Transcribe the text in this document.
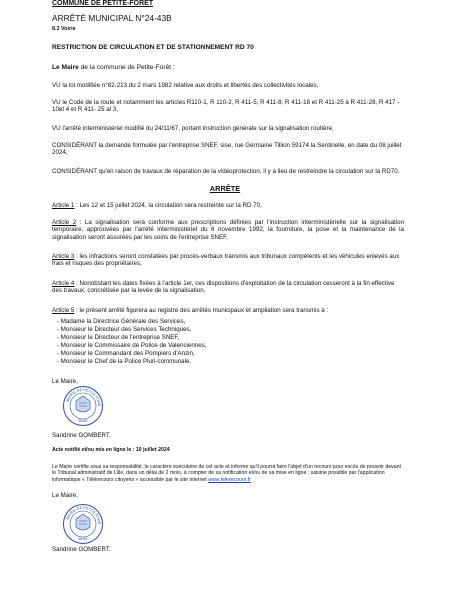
COMMUNE DE PETITE-FORET
ARRÊTÉ MUNICIPAL N°24-43B
8.3 Voirie
RESTRICTION DE CIRCULATION ET DE STATIONNEMENT RD 70
Le Maire de la commune de Petite-Forêt ;
VU la loi modifiée n°82-213 du 2 mars 1982 relative aux droits et libertés des collectivités locales,
VU le Code de la route et notamment les articles R110-1, R 110-2, R 411-5, R 411-8, R 411-18 et R 411-25 à R 411-28, R 417 - 10et 4 et R 411- 25 al 3,
VU l'arrêté interministériel modifié du 24/11/67, portant instruction générale sur la signalisation routière,
CONSIDÉRANT la demande formulée par l'entreprise SNEF, sise, rue Germaine Tillion 59174 la Sentinelle, en date du 08 juillet 2024,
CONSIDÉRANT qu'en raison de travaux de réparation de la vidéoprotection, il y a lieu de restreindre la circulation sur la RD70,
ARRÊTE
Article 1 : Les 12 et 15 juillet 2024, la circulation sera restreinte sur la RD 70,
Article 2 : La signalisation sera conforme aux prescriptions définies par l'instruction interministérielle sur la signalisation temporaire, approuvées par l'arrêté interministériel du 6 novembre 1992, la fourniture, la pose et la maintenance de la signalisation seront assurées par les soins de l'entreprise SNEF,
Article 3 : les infractions seront constatées par procès-verbaux transmis aux tribunaux compétents et les véhicules enlevés aux frais et risques des propriétaires,
Article 4 : Nonobstant les dates fixées à l'article 1er, ces dispositions d'exploitation de la circulation cesseront à la fin effective des travaux, concrétisée par la levée de la signalisation,
Article 5 : le présent arrêté figurera au registre des arrêtés municipaux et ampliation sera transmis à :
- Madame la Directrice Générale des Services,
- Monsieur le Directeur des Services Techniques,
- Monsieur le Directeur de l'entreprise SNEF,
- Monsieur le Commissaire de Police de Valenciennes,
- Monsieur le Commandant des Pompiers d'Anzin,
- Monsieur le Chef de la Police Pluri-communale,
Le Maire,
MAIRIE DE PETITE-FORE
59494
Sandrine GOMBERT.
Acte notifié et/ou mis en ligne le : 10 juillet 2024
Le Maire certifie sous sa responsabilité, le caractère exécutoire de cet acte et informe qu'il pourra faire l'objet d'un recours pour excès de pouvoir devant le Tribunal administratif de Lille, dans un délai de 2 mois, à compter de sa notification et/ou de sa mise en ligne ; saisine possible par l'application informatique « Télérecours citoyens » accessible par le site internet www.telerecours.fr
Le Maire,
MAIRIE DE PETITE-FORE
59494
Sandrine GOMBERT.
